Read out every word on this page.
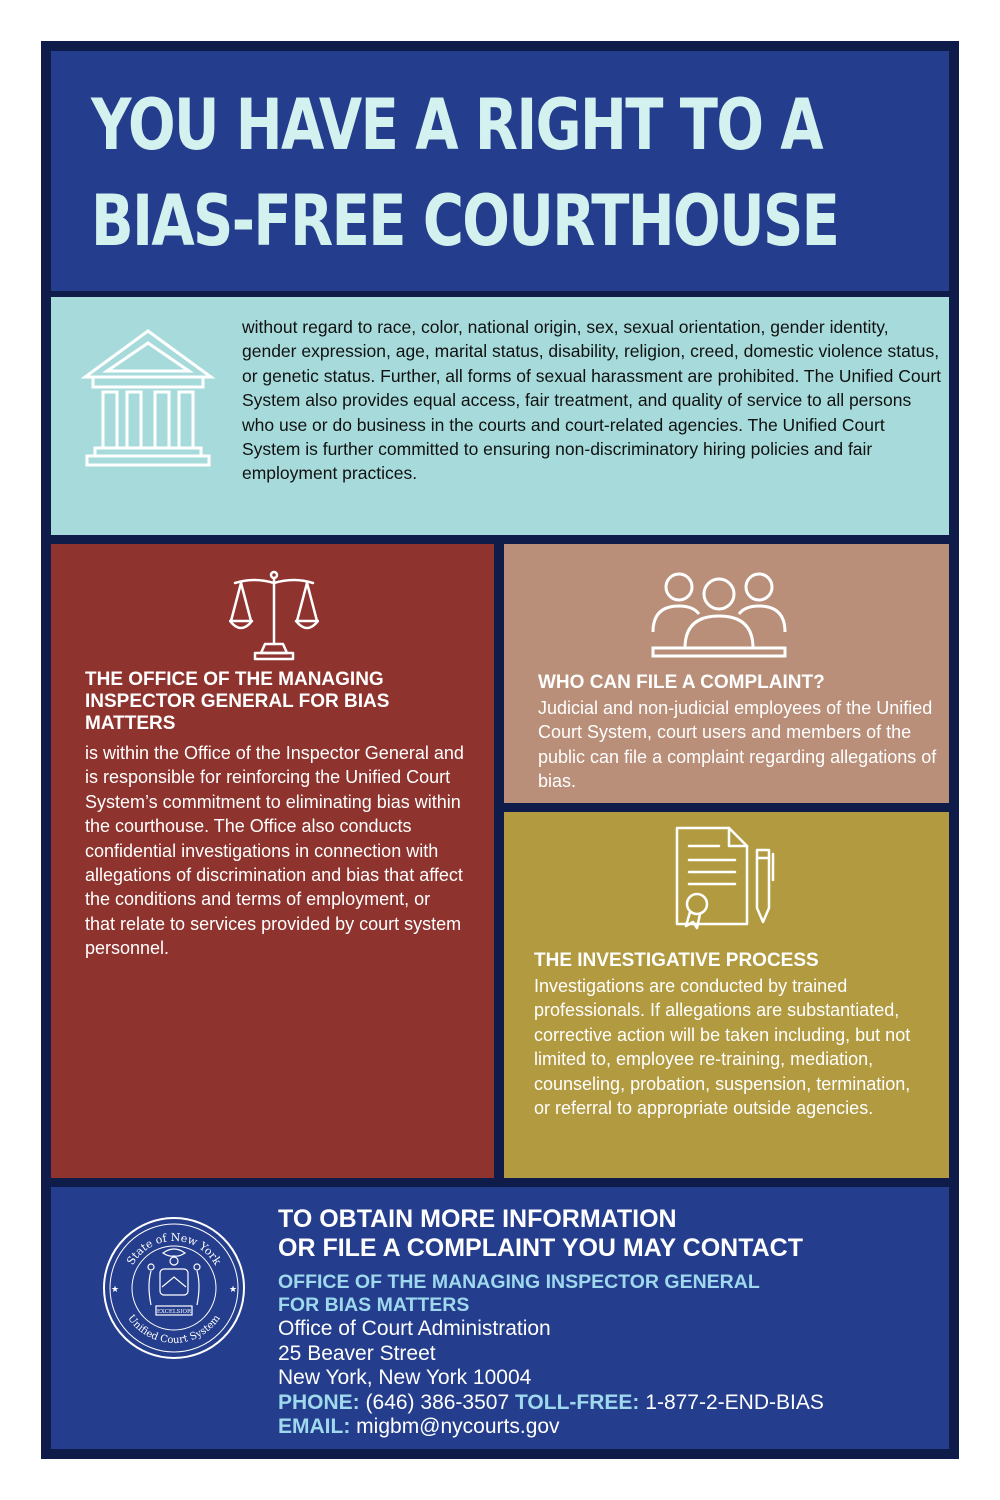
YOU HAVE A RIGHT TO A
BIAS-FREE COURTHOUSE

without regard to race, color, national origin, sex, sexual orientation, gender identity, gender expression, age, marital status, disability, religion, creed, domestic violence status, or genetic status. Further, all forms of sexual harassment are prohibited. The Unified Court System also provides equal access, fair treatment, and quality of service to all persons who use or do business in the courts and court-related agencies. The Unified Court System is further committed to ensuring non-discriminatory hiring policies and fair employment practices.

THE OFFICE OF THE MANAGING INSPECTOR GENERAL FOR BIAS MATTERS

is within the Office of the Inspector General and is responsible for reinforcing the Unified Court System’s commitment to eliminating bias within the courthouse. The Office also conducts confidential investigations in connection with allegations of discrimination and bias that affect the conditions and terms of employment, or that relate to services provided by court system personnel.

WHO CAN FILE A COMPLAINT?

Judicial and non-judicial employees of the Unified Court System, court users and members of the public can file a complaint regarding allegations of bias.

THE INVESTIGATIVE PROCESS

Investigations are conducted by trained professionals. If allegations are substantiated, corrective action will be taken including, but not limited to, employee re-training, mediation, counseling, probation, suspension, termination, or referral to appropriate outside agencies.

State of New York
Unified Court System
★	★
EXCELSIOR
TO OBTAIN MORE INFORMATION
OR FILE A COMPLAINT YOU MAY CONTACT

OFFICE OF THE MANAGING INSPECTOR GENERAL

FOR BIAS MATTERS

Office of Court Administration

25 Beaver Street

New York, New York 10004

PHONE: (646) 386-3507 TOLL-FREE: 1-877-2-END-BIAS

EMAIL: migbm@nycourts.gov
